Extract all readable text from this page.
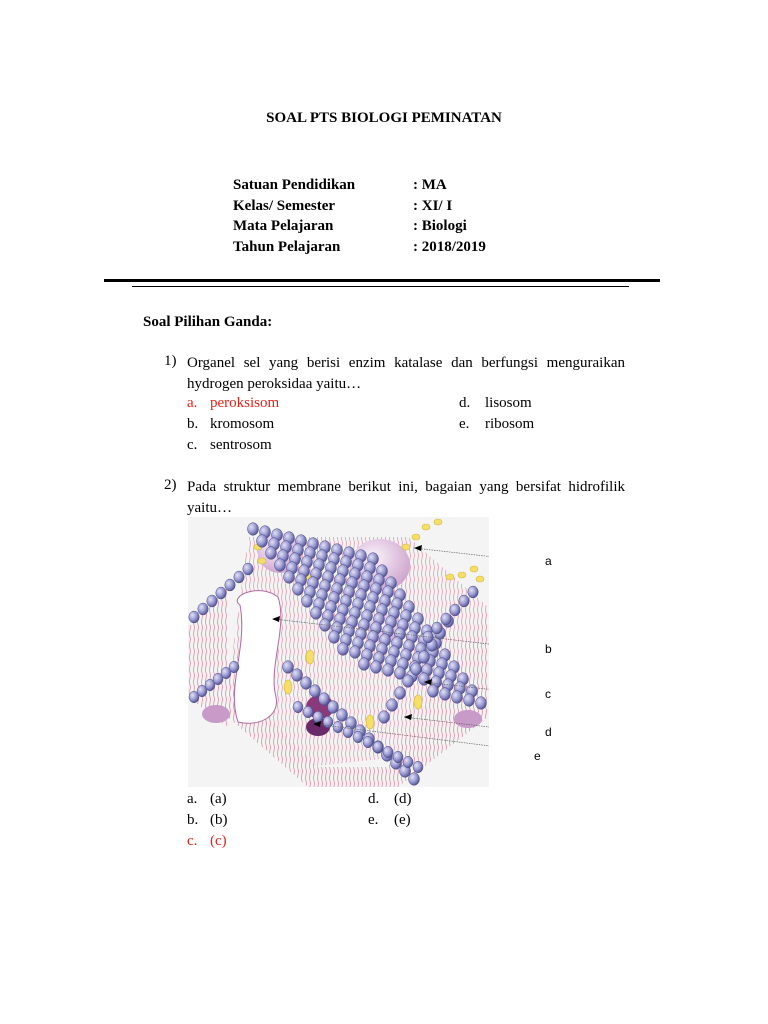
SOAL PTS BIOLOGI PEMINATAN
Satuan Pendidikan	: MA
Kelas/ Semester	: XI/ I
Mata Pelajaran	: Biologi
Tahun Pelajaran	: 2018/2019
Soal Pilihan Ganda:
1) Organel sel yang berisi enzim katalase dan berfungsi menguraikan hydrogen peroksidaa yaitu…
a. peroksisom
b. kromosom
c. sentrosom
d. lisosom
e. ribosom
2) Pada struktur membrane berikut ini, bagaian yang bersifat hidrofilik yaitu…
a
b
c
d
e
a. (a)
b. (b)
c. (c)
d. (d)
e. (e)
